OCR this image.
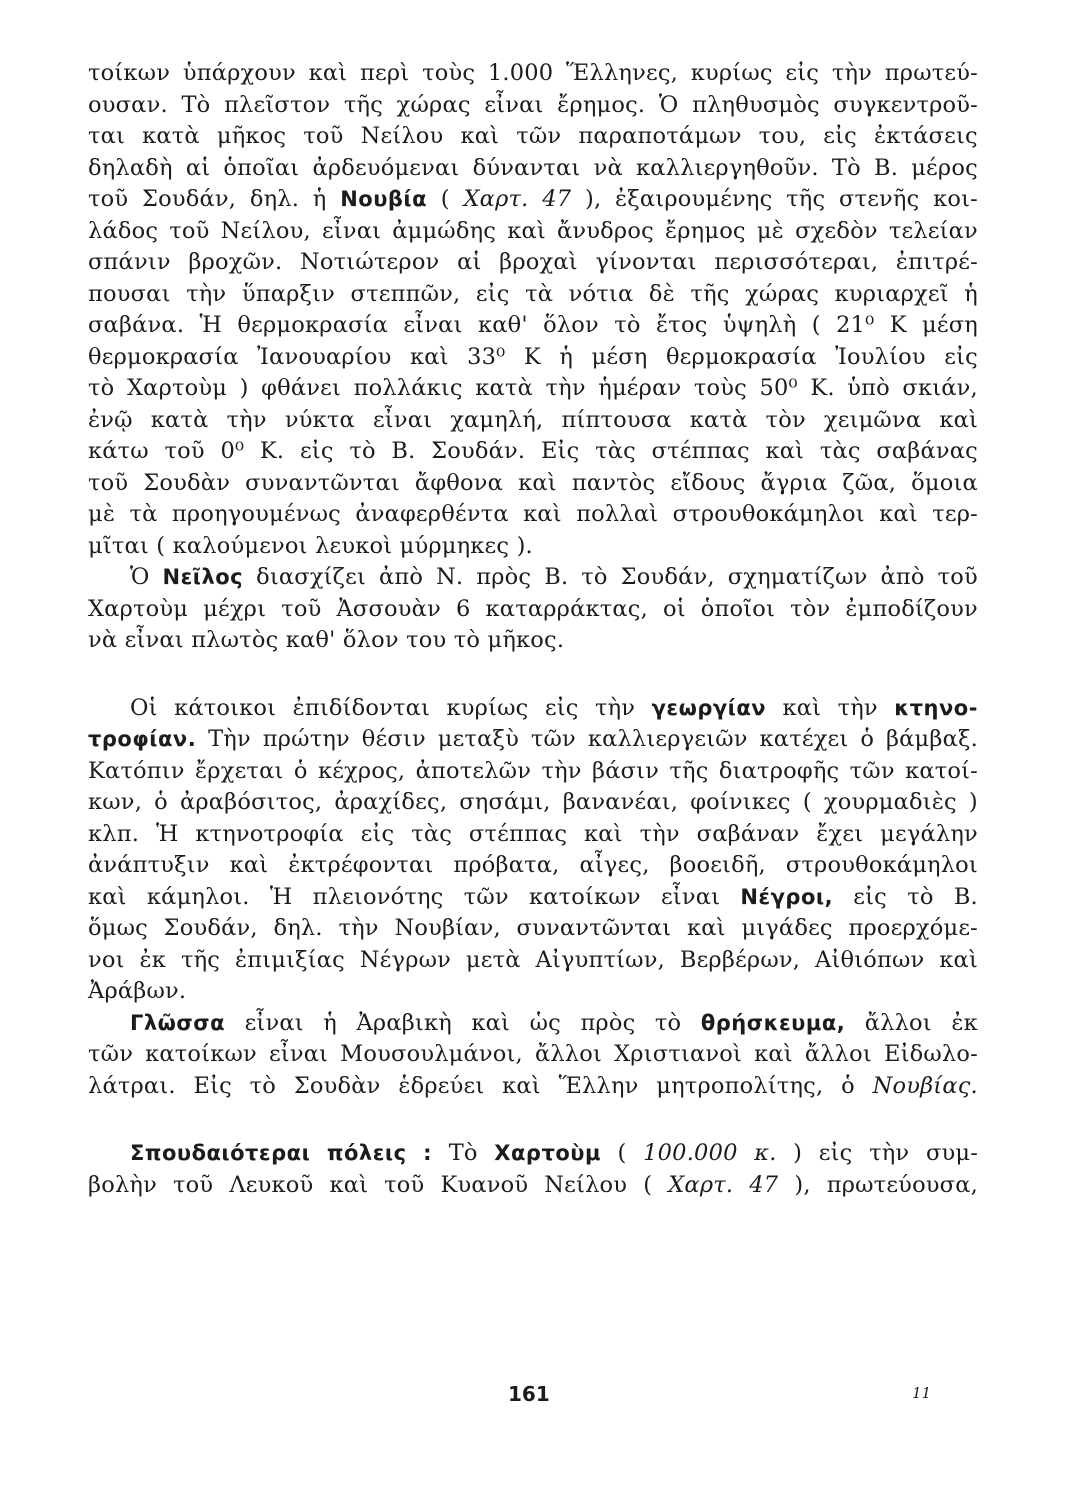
τοίκων ὑπάρχουν καὶ περὶ τοὺς 1.000 Ἕλληνες, κυρίως εἰς τὴν πρωτεύ-
ουσαν. Τὸ πλεῖστον τῆς χώρας εἶναι ἔρημος. Ὁ πληθυσμὸς συγκεντροῦ-
ται κατὰ μῆκος τοῦ Νείλου καὶ τῶν παραποτάμων του, εἰς ἐκτάσεις
δηλαδὴ αἱ ὁποῖαι ἀρδευόμεναι δύνανται νὰ καλλιεργηθοῦν. Τὸ Β. μέρος
τοῦ Σουδάν, δηλ. ἡ Νουβία ( Χαρτ. 47 ), ἐξαιρουμένης τῆς στενῆς κοι-
λάδος τοῦ Νείλου, εἶναι ἀμμώδης καὶ ἄνυδρος ἔρημος μὲ σχεδὸν τελείαν
σπάνιν βροχῶν. Νοτιώτερον αἱ βροχαὶ γίνονται περισσότεραι, ἐπιτρέ-
πουσαι τὴν ὕπαρξιν στεππῶν, εἰς τὰ νότια δὲ τῆς χώρας κυριαρχεῖ ἡ
σαβάνα. Ἡ θερμοκρασία εἶναι καθ' ὅλον τὸ ἔτος ὑψηλὴ ( 21⁰ Κ μέση
θερμοκρασία Ἰανουαρίου καὶ 33⁰ Κ ἡ μέση θερμοκρασία Ἰουλίου εἰς
τὸ Χαρτοὺμ ) φθάνει πολλάκις κατὰ τὴν ἡμέραν τοὺς 50⁰ Κ. ὑπὸ σκιάν,
ἐνῷ κατὰ τὴν νύκτα εἶναι χαμηλή, πίπτουσα κατὰ τὸν χειμῶνα καὶ
κάτω τοῦ 0⁰ Κ. εἰς τὸ Β. Σουδάν. Εἰς τὰς στέππας καὶ τὰς σαβάνας
τοῦ Σουδὰν συναντῶνται ἄφθονα καὶ παντὸς εἴδους ἄγρια ζῶα, ὅμοια
μὲ τὰ προηγουμένως ἀναφερθέντα καὶ πολλαὶ στρουθοκάμηλοι καὶ τερ-
μῖται
(
καλούμενοι
λευκοὶ
μύρμηκες
).
Ὁ Νεῖλος διασχίζει ἀπὸ Ν. πρὸς Β. τὸ Σουδάν, σχηματίζων ἀπὸ τοῦ
Χαρτοὺμ μέχρι τοῦ Ἀσσουὰν 6 καταρράκτας, οἱ ὁποῖοι τὸν ἐμποδίζουν
νὰ
εἶναι
πλωτὸς
καθ'
ὅλον
του
τὸ
μῆκος.
Οἱ κάτοικοι ἐπιδίδονται κυρίως εἰς τὴν γεωργίαν καὶ τὴν κτηνο-
τροφίαν. Τὴν πρώτην θέσιν μεταξὺ τῶν καλλιεργειῶν κατέχει ὁ βάμβαξ.
Κατόπιν ἔρχεται ὁ κέχρος, ἀποτελῶν τὴν βάσιν τῆς διατροφῆς τῶν κατοί-
κων, ὁ ἀραβόσιτος, ἀραχίδες, σησάμι, βανανέαι, φοίνικες ( χουρμαδιὲς )
κλπ. Ἡ κτηνοτροφία εἰς τὰς στέππας καὶ τὴν σαβάναν ἔχει μεγάλην
ἀνάπτυξιν καὶ ἐκτρέφονται πρόβατα, αἶγες, βοοειδῆ, στρουθοκάμηλοι
καὶ κάμηλοι. Ἡ πλειονότης τῶν κατοίκων εἶναι Νέγροι, εἰς τὸ Β.
ὅμως Σουδάν, δηλ. τὴν Νουβίαν, συναντῶνται καὶ μιγάδες προερχόμε-
νοι ἐκ τῆς ἐπιμιξίας Νέγρων μετὰ Αἰγυπτίων, Βερβέρων, Αἰθιόπων καὶ
Ἀράβων.
Γλῶσσα εἶναι ἡ Ἀραβικὴ καὶ ὡς πρὸς τὸ θρήσκευμα, ἄλλοι ἐκ
τῶν κατοίκων εἶναι Μουσουλμάνοι, ἄλλοι Χριστιανοὶ καὶ ἄλλοι Εἰδωλο-
λάτραι. Εἰς τὸ Σουδὰν ἑδρεύει καὶ Ἕλλην μητροπολίτης, ὁ Νουβίας.
Σπουδαιότεραι πόλεις : Τὸ Χαρτοὺμ ( 100.000 κ. ) εἰς τὴν συμ-
βολὴν τοῦ Λευκοῦ καὶ τοῦ Κυανοῦ Νείλου ( Χαρτ. 47 ), πρωτεύουσα,
161	11
